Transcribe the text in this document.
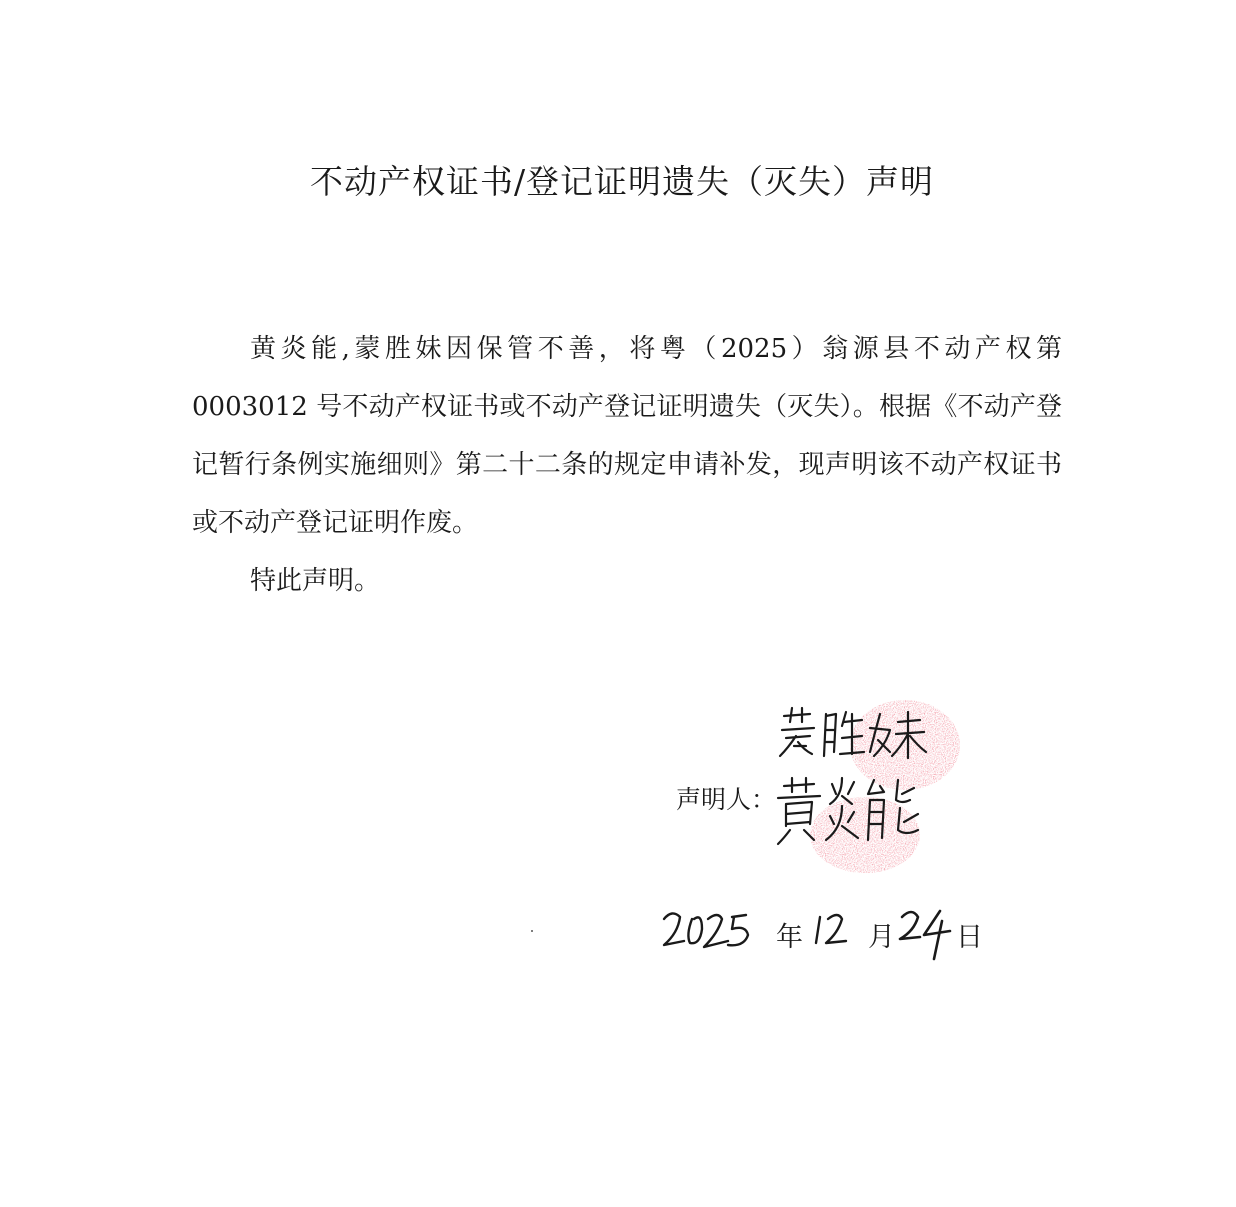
不动产权证书/登记证明遗失（灭失）声明

黄炎能,蒙胜妹因保管不善，将粤（2025）翁源县不动产权第 0003012 号不动产权证书或不动产登记证明遗失（灭失）。根据《不动产登记暂行条例实施细则》第二十二条的规定申请补发，现声明该不动产权证书或不动产登记证明作废。

特此声明。

声明人：
年 月 日
